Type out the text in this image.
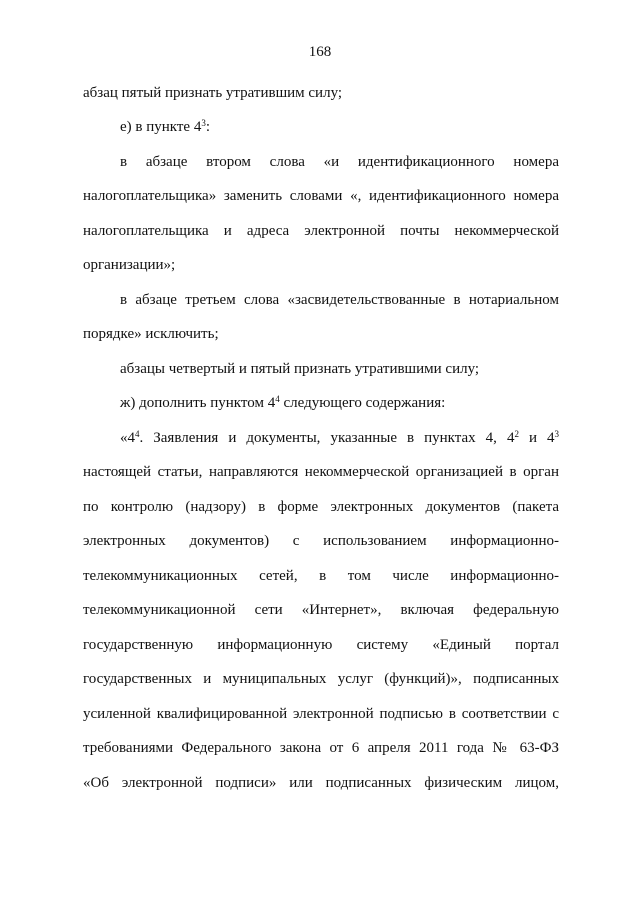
168
абзац пятый признать утратившим силу;
е) в пункте $4^3$:
в абзаце втором слова «и идентификационного номера
налогоплательщика» заменить словами «, идентификационного номера
налогоплательщика и адреса электронной почты некоммерческой
организации»;
в абзаце третьем слова «засвидетельствованные в нотариальном
порядке» исключить;
абзацы четвертый и пятый признать утратившими силу;
ж) дополнить пунктом $4^4$ следующего содержания:
«$4^4$. Заявления и документы, указанные в пунктах 4, $4^2$ и $4^3$
настоящей статьи, направляются некоммерческой организацией в орган
по контролю (надзору) в форме электронных документов (пакета
электронных документов) с использованием информационно-
телекоммуникационных сетей, в том числе информационно-
телекоммуникационной сети «Интернет», включая федеральную
государственную информационную систему «Единый портал
государственных и муниципальных услуг (функций)», подписанных
усиленной квалифицированной электронной подписью в соответствии с
требованиями Федерального закона от 6 апреля 2011 года № 63-ФЗ
«Об электронной подписи» или подписанных физическим лицом,
